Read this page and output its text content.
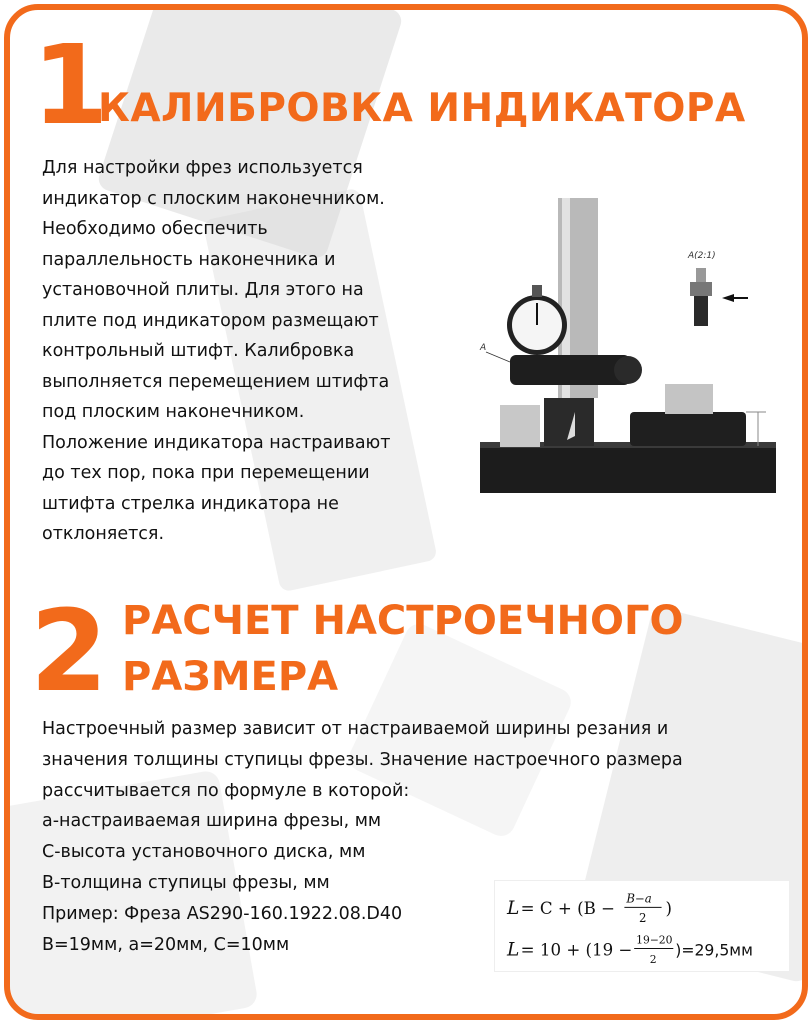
1
КАЛИБРОВКА ИНДИКАТОРА
Для настройки фрез используется
индикатор с плоским наконечником.
Необходимо обеспечить
параллельность наконечника и
установочной плиты. Для этого на
плите под индикатором размещают
контрольный штифт. Калибровка
выполняется перемещением штифта
под плоским наконечником.
Положение индикатора настраивают
до тех пор, пока при перемещении
штифта стрелка индикатора не
отклоняется.
A(2:1)
A
2 РАСЧЕТ НАСТРОЕЧНОГО
РАЗМЕРА
Настроечный размер зависит от настраиваемой ширины резания и
значения толщины ступицы фрезы. Значение настроечного размера
рассчитывается по формуле в которой:
a-настраиваемая ширина фрезы, мм
C-высота установочного диска, мм
B-толщина ступицы фрезы, мм
Пример: Фреза AS290-160.1922.08.D40
B=19мм, a=20мм, C=10мм
L = C + (B −
B−a
2 )
L = 10 + (19 −
19−20
2
)=29,5мм
